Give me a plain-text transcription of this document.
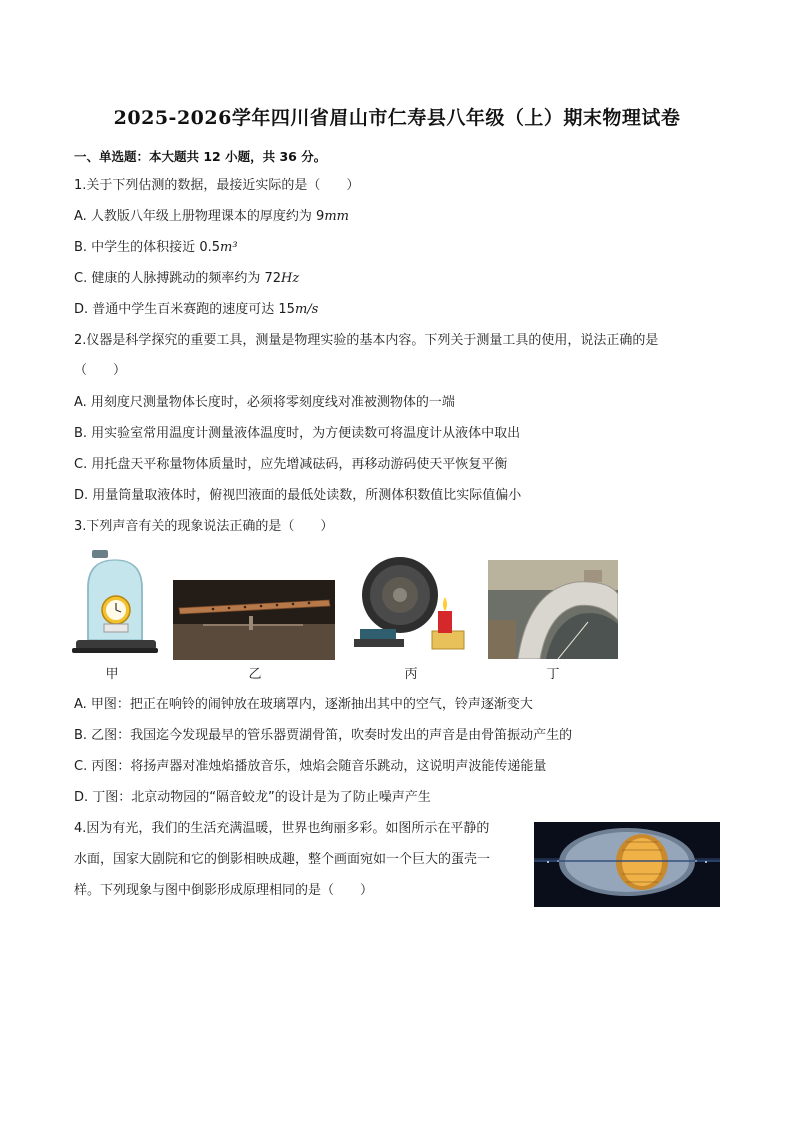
2025-2026学年四川省眉山市仁寿县八年级（上）期末物理试卷
一、单选题：本大题共 12 小题，共 36 分。
1.关于下列估测的数据，最接近实际的是（　　）
A. 人教版八年级上册物理课本的厚度约为 9mm
B. 中学生的体积接近 0.5m³
C. 健康的人脉搏跳动的频率约为 72Hz
D. 普通中学生百米赛跑的速度可达 15m/s
2.仪器是科学探究的重要工具，测量是物理实验的基本内容。下列关于测量工具的使用，说法正确的是
（　　）
A. 用刻度尺测量物体长度时，必须将零刻度线对准被测物体的一端
B. 用实验室常用温度计测量液体温度时，为方便读数可将温度计从液体中取出
C. 用托盘天平称量物体质量时，应先增减砝码，再移动游码使天平恢复平衡
D. 用量筒量取液体时，俯视凹液面的最低处读数，所测体积数值比实际值偏小
3.下列声音有关的现象说法正确的是（　　）
甲	乙	丙	丁
A. 甲图：把正在响铃的闹钟放在玻璃罩内，逐渐抽出其中的空气，铃声逐渐变大
B. 乙图：我国迄今发现最早的管乐器贾湖骨笛，吹奏时发出的声音是由骨笛振动产生的
C. 丙图：将扬声器对准烛焰播放音乐，烛焰会随音乐跳动，这说明声波能传递能量
D. 丁图：北京动物园的“隔音蛟龙”的设计是为了防止噪声产生
4.因为有光，我们的生活充满温暖，世界也绚丽多彩。如图所示在平静的
水面，国家大剧院和它的倒影相映成趣，整个画面宛如一个巨大的蛋壳一
样。下列现象与图中倒影形成原理相同的是（　　）
